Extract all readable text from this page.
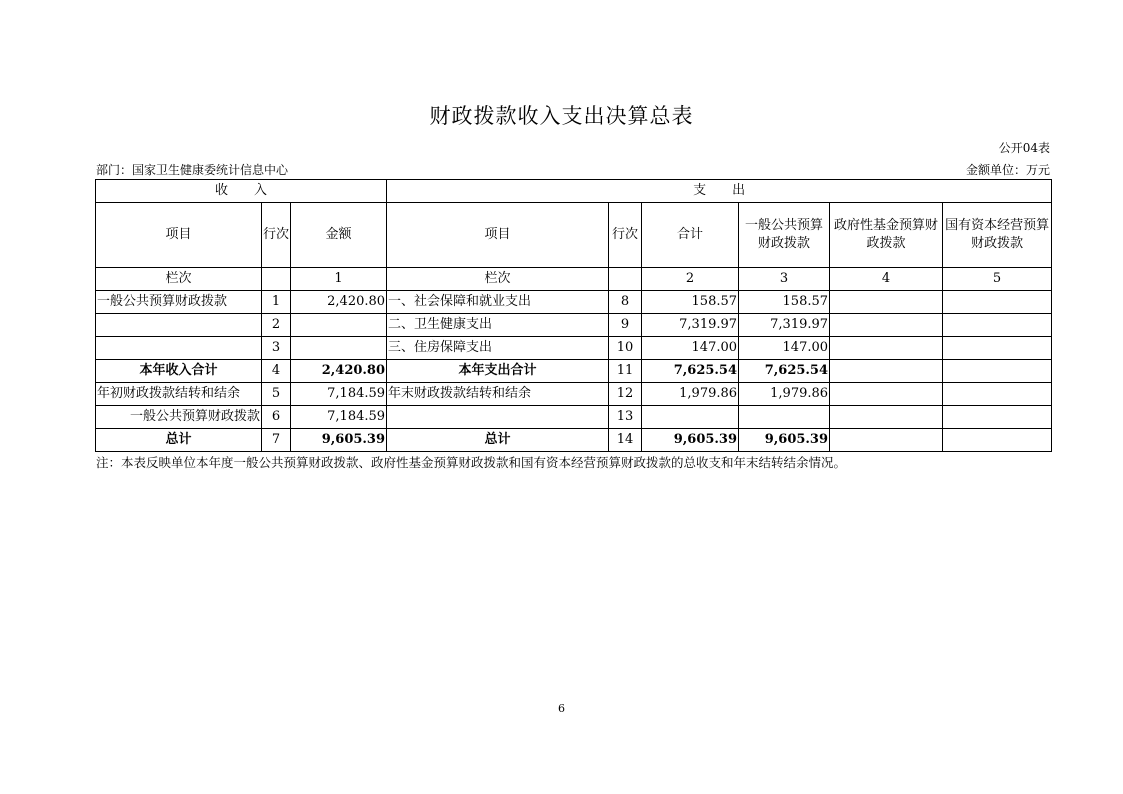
财政拨款收入支出决算总表
公开04表
部门：国家卫生健康委统计信息中心	金额单位：万元
收　　入			支　　出					
项目	行次	金额	项目	行次	合计	一般公共预算财政拨款	政府性基金预算财政拨款	国有资本经营预算财政拨款
栏次		1	栏次		2	3	4	5
一般公共预算财政拨款	1	2,420.80	一、社会保障和就业支出	8	158.57	158.57		
	2		二、卫生健康支出	9	7,319.97	7,319.97		
	3		三、住房保障支出	10	147.00	147.00		
本年收入合计	4	2,420.80	本年支出合计	11	7,625.54	7,625.54		
年初财政拨款结转和结余	5	7,184.59	年末财政拨款结转和结余	12	1,979.86	1,979.86		
一般公共预算财政拨款	6	7,184.59		13				
总计	7	9,605.39	总计	14	9,605.39	9,605.39		
注：本表反映单位本年度一般公共预算财政拨款、政府性基金预算财政拨款和国有资本经营预算财政拨款的总收支和年末结转结余情况。
6
